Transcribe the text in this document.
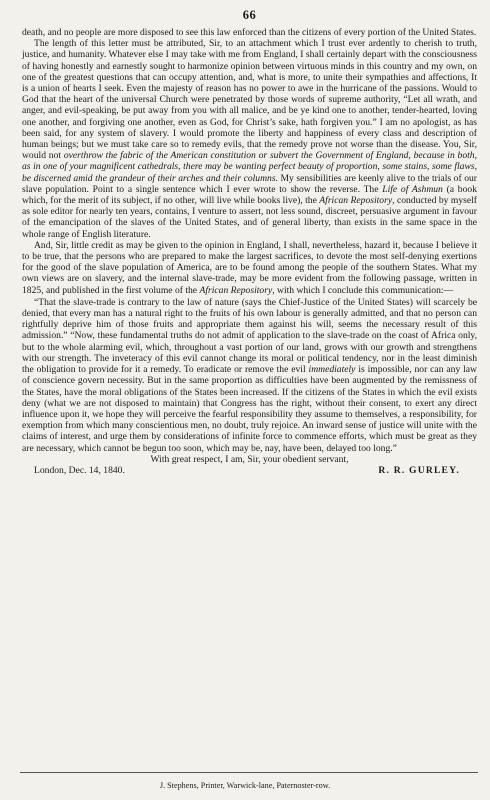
66

death, and no people are more disposed to see this law enforced than the citizens of every portion of the United States.

The length of this letter must be attributed, Sir, to an attachment which I trust ever ardently to cherish to truth, justice, and humanity. Whatever else I may take with me from England, I shall certainly depart with the consciousness of having honestly and earnestly sought to harmonize opinion between virtuous minds in this country and my own, on one of the greatest questions that can occupy attention, and, what is more, to unite their sympathies and affections, It is a union of hearts I seek. Even the majesty of reason has no power to awe in the hurricane of the passions. Would to God that the heart of the universal Church were penetrated by those words of supreme authority, “Let all wrath, and anger, and evil-speaking, be put away from you with all malice, and be ye kind one to another, tender-hearted, loving one another, and forgiving one another, even as God, for Christ’s sake, hath forgiven you.” I am no apologist, as has been said, for any system of slavery. I would promote the liberty and happiness of every class and description of human beings; but we must take care so to remedy evils, that the remedy prove not worse than the disease. You, Sir, would not overthrow the fabric of the American constitution or subvert the Government of England, because in both, as in one of your magnificent cathedrals, there may be wanting perfect beauty of proportion, some stains, some flaws, be discerned amid the grandeur of their arches and their columns. My sensibilities are keenly alive to the trials of our slave population. Point to a single sentence which I ever wrote to show the reverse. The Life of Ashmun (a book which, for the merit of its subject, if no other, will live while books live), the African Repository, conducted by myself as sole editor for nearly ten years, contains, I venture to assert, not less sound, discreet, persuasive argument in favour of the emancipation of the slaves of the United States, and of general liberty, than exists in the same space in the whole range of English literature.

And, Sir, little credit as may be given to the opinion in England, I shall, nevertheless, hazard it, because I believe it to be true, that the persons who are prepared to make the largest sacrifices, to devote the most self-denying exertions for the good of the slave population of America, are to be found among the people of the southern States. What my own views are on slavery, and the internal slave-trade, may be more evident from the following passage, written in 1825, and published in the first volume of the African Repository, with which I conclude this communication:—

“That the slave-trade is contrary to the law of nature (says the Chief-Justice of the United States) will scarcely be denied, that every man has a natural right to the fruits of his own labour is generally admitted, and that no person can rightfully deprive him of those fruits and appropriate them against his will, seems the necessary result of this admission.” “Now, these fundamental truths do not admit of application to the slave-trade on the coast of Africa only, but to the whole alarming evil, which, throughout a vast portion of our land, grows with our growth and strengthens with our strength. The inveteracy of this evil cannot change its moral or political tendency, nor in the least diminish the obligation to provide for it a remedy. To eradicate or remove the evil immediately is impossible, nor can any law of conscience govern necessity. But in the same proportion as difficulties have been augmented by the remissness of the States, have the moral obligations of the States been increased. If the citizens of the States in which the evil exists deny (what we are not disposed to maintain) that Congress has the right, without their consent, to exert any direct influence upon it, we hope they will perceive the fearful responsibility they assume to themselves, a responsibility, for exemption from which many conscientious men, no doubt, truly rejoice. An inward sense of justice will unite with the claims of interest, and urge them by considerations of infinite force to commence efforts, which must be great as they are necessary, which cannot be begun too soon, which may be, nay, have been, delayed too long.”

With great respect, I am, Sir, your obedient servant,

London, Dec. 14, 1840.	R. R. GURLEY.
J. Stephens, Printer, Warwick-lane, Paternoster-row.
